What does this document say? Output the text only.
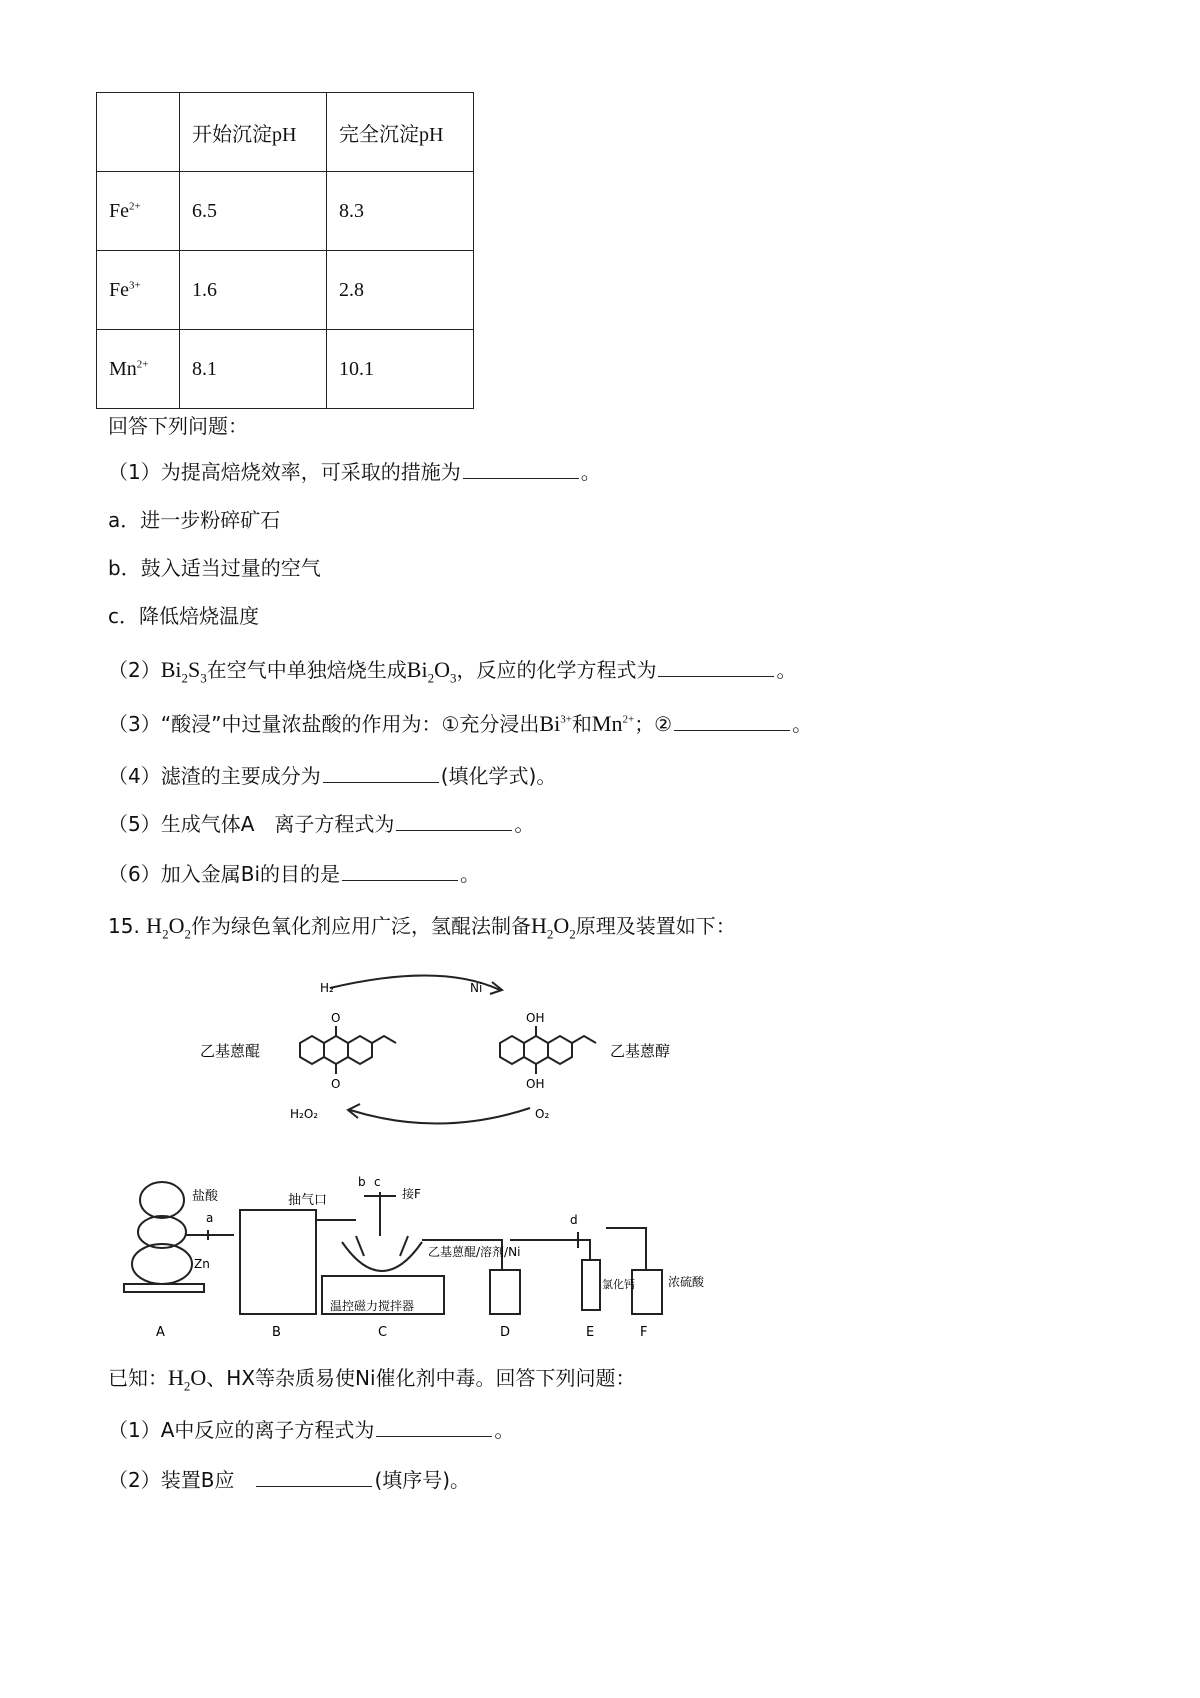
	开始沉淀pH	完全沉淀pH
$Fe^{2+}$	6.5	8.3
$Fe^{3+}$	1.6	2.8
$Mn^{2+}$	8.1	10.1
回答下列问题：
（1）为提高焙烧效率，可采取的措施为	。
a．进一步粉碎矿石
b．鼓入适当过量的空气
c．降低焙烧温度
$(2)Bi_2S_3$在空气中单独焙烧生成$Bi_2O_3$，反应的化学方程式为	。
（3）“酸浸”中过量浓盐酸的作用为：①充分浸出$Bi^{3+}$和$Mn^{2+}$；②	。
（4）滤渣的主要成分为	(填化学式)。
（5）生成气体A　离子方程式为	。
（6）加入金属Bi的目的是	。
15. $H_2O_2$作为绿色氧化剂应用广泛，氢醌法制备$H_2O_2$原理及装置如下：
H₂	Ni
乙基蒽醌	乙基蒽醇
O
O
OH
OH
H₂O₂	O₂
盐酸
a
Zn
抽气口
b c
接F
乙基蒽醌/溶剂/Ni
温控磁力搅拌器
d
氯化钙	浓硫酸
A	B	C	D	E	F
已知：$H_2O$、HX等杂质易使Ni催化剂中毒。回答下列问题：
（1）A中反应的离子方程式为	。
（2）装置B应　	(填序号)。
